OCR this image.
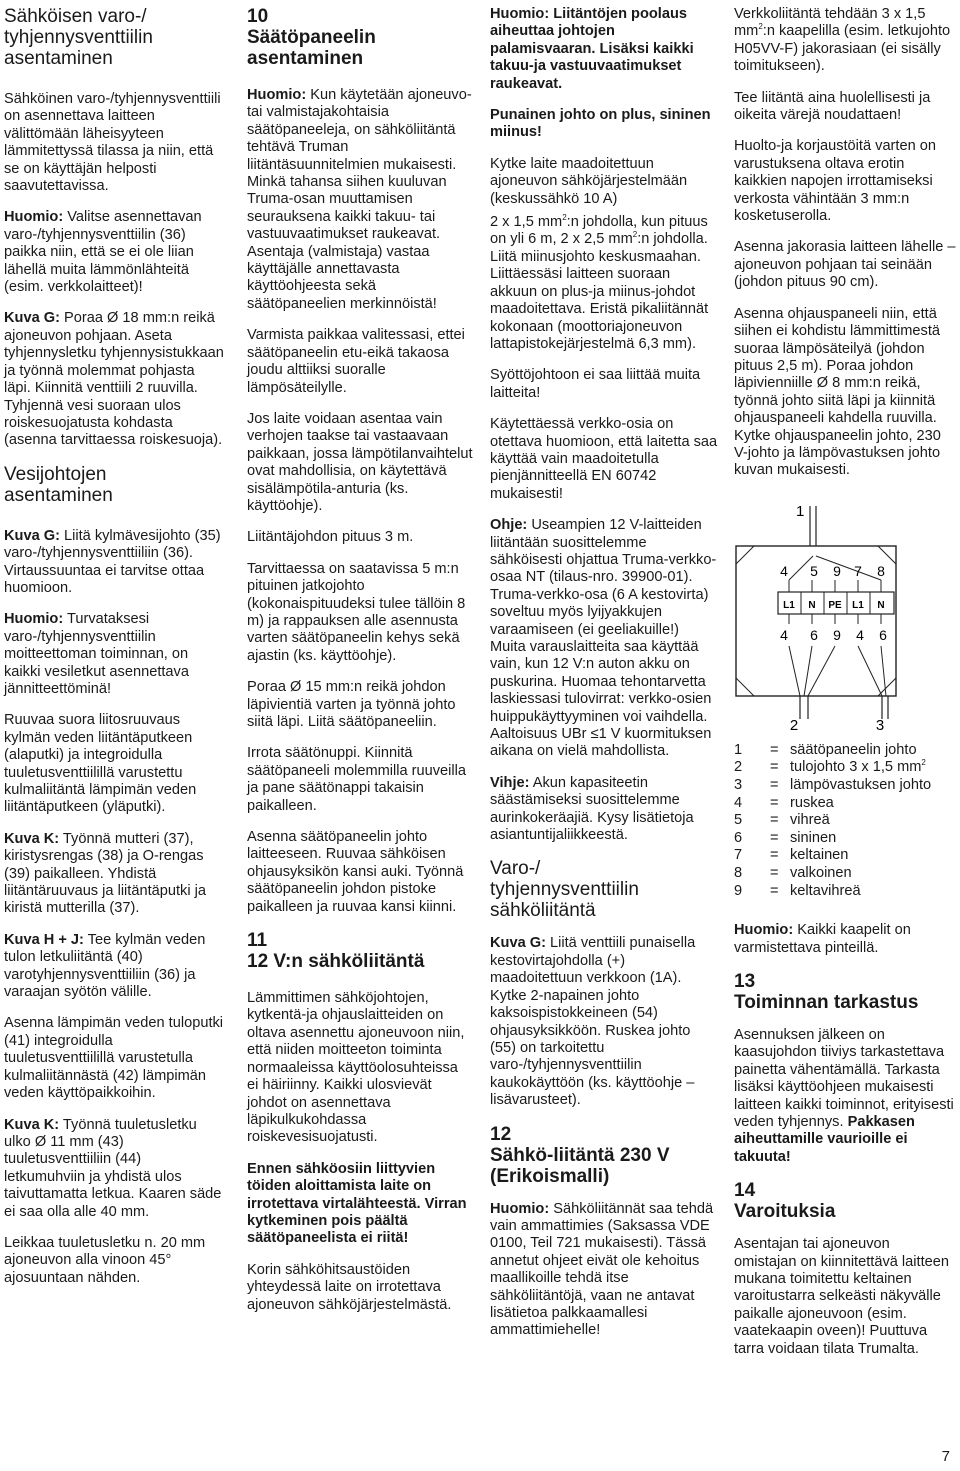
Sähköisen varo-/
tyhjennysventtiilin
asentaminen

Sähköinen varo-/tyhjennysventtiili on asennettava laitteen välittömään läheisyyteen lämmitettyssä tilassa ja niin, että se on käyttäjän helposti saavutettavissa.

Huomio: Valitse asennettavan varo-/tyhjennysventtiilin (36) paikka niin, että se ei ole liian lähellä muita lämmönlähteitä (esim. verkkolaitteet)!

Kuva G: Poraa Ø 18 mm:n reikä ajoneuvon pohjaan. Aseta tyhjennysletku tyhjennysistukkaan ja työnnä molemmat pohjasta läpi. Kiinnitä venttiili 2 ruuvilla. Tyhjennä vesi suoraan ulos roiskesuojatusta kohdasta (asenna tarvittaessa roiskesuoja).

Vesijohtojen
asentaminen

Kuva G: Liitä kylmävesijohto (35) varo-/tyhjennysventtiiliin (36). Virtaussuuntaa ei tarvitse ottaa huomioon.

Huomio: Turvataksesi varo-/tyhjennysventtiilin moitteettoman toiminnan, on kaikki vesiletkut asennettava jännitteettöminä!

Ruuvaa suora liitosruuvaus kylmän veden liitäntäputkeen (alaputki) ja integroidulla tuuletusventtiilillä varustettu kulmaliitäntä lämpimän veden liitäntäputkeen (yläputki).

Kuva K: Työnnä mutteri (37), kiristysrengas (38) ja O-rengas (39) paikalleen. Yhdistä liitäntäruuvaus ja liitäntäputki ja kiristä mutterilla (37).

Kuva H + J: Tee kylmän veden tulon letkuliitäntä (40) varotyhjennysventtiiliin (36) ja varaajan syötön välille.

Asenna lämpimän veden tuloputki (41) integroidulla tuuletusventtiilillä varustetulla kulmaliitännästä (42) lämpimän veden käyttöpaikkoihin.

Kuva K: Työnnä tuuletusletku ulko Ø 11 mm (43) tuuletusventtiiliin (44) letkumuhviin ja yhdistä ulos taivuttamatta letkua. Kaaren säde ei saa olla alle 40 mm.

Leikkaa tuuletusletku n. 20 mm ajoneuvon alla vinoon 45° ajosuuntaan nähden.

10
Säätöpaneelin
asentaminen

Huomio: Kun käytetään ajoneuvo- tai valmistajakohtaisia säätöpaneeleja, on sähköliitäntä tehtävä Truman liitäntäsuunnitelmien mukaisesti. Minkä tahansa siihen kuuluvan Truma-osan muuttamisen seurauksena kaikki takuu- tai vastuuvaatimukset raukeavat. Asentaja (valmistaja) vastaa käyttäjälle annettavasta käyttöohjeesta sekä säätöpaneelien merkinnöistä!

Varmista paikkaa valitessasi, ettei säätöpaneelin etu-eikä takaosa joudu alttiiksi suoralle lämpösäteilylle.

Jos laite voidaan asentaa vain verhojen taakse tai vastaavaan paikkaan, jossa lämpötilanvaihtelut ovat mahdollisia, on käytettävä sisälämpötila-anturia (ks. käyttöohje).

Liitäntäjohdon pituus 3 m.

Tarvittaessa on saatavissa 5 m:n pituinen jatkojohto (kokonaispituudeksi tulee tällöin 8 m) ja rappauksen alle asennusta varten säätöpaneelin kehys sekä ajastin (ks. käyttöohje).

Poraa Ø 15 mm:n reikä johdon läpivientiä varten ja työnnä johto siitä läpi. Liitä säätöpaneeliin.

Irrota säätönuppi. Kiinnitä säätöpaneeli molemmilla ruuveilla ja pane säätönappi takaisin paikalleen.

Asenna säätöpaneelin johto laitteeseen. Ruuvaa sähköisen ohjausyksikön kansi auki. Työnnä säätöpaneelin johdon pistoke paikalleen ja ruuvaa kansi kiinni.

11
12 V:n sähköliitäntä

Lämmittimen sähköjohtojen, kytkentä-ja ohjauslaitteiden on oltava asennettu ajoneuvoon niin, että niiden moitteeton toiminta normaaleissa käyttöolosuhteissa ei häiriinny. Kaikki ulosvievät johdot on asennettava läpikulkukohdassa roiskevesisuojatusti.

Ennen sähköosiin liittyvien töiden aloittamista laite on irrotettava virtalähteestä. Virran kytkeminen pois päältä säätöpaneelista ei riitä!

Korin sähköhitsaustöiden yhteydessä laite on irrotettava ajoneuvon sähköjärjestelmästä.

Huomio: Liitäntöjen poolaus aiheuttaa johtojen palamisvaaran. Lisäksi kaikki takuu-ja vastuuvaatimukset raukeavat.

Punainen johto on plus, sininen miinus!

Kytke laite maadoitettuun ajoneuvon sähköjärjestelmään (keskussähkö 10 A)

2 x 1,5 $mm^2:n$ johdolla, kun pituus on yli 6 m, 2 x 2,5 $mm^2:n$ johdolla. Liitä miinusjohto keskusmaahan. Liittäessäsi laitteen suoraan akkuun on plus-ja miinus-johdot maadoitettava. Eristä pikaliitännät kokonaan (moottoriajoneuvon lattapistokejärjestelmä 6,3 mm).

Syöttöjohtoon ei saa liittää muita laitteita!

Käytettäessä verkko-osia on otettava huomioon, että laitetta saa käyttää vain maadoitetulla pienjännitteellä EN 60742 mukaisesti!

Ohje: Useampien 12 V-laitteiden liitäntään suosittelemme sähköisesti ohjattua Truma-verkko-osaa NT (tilaus-nro. 39900-01). Truma-verkko-osa (6 A kestovirta) soveltuu myös lyijyakkujen varaamiseen (ei geeliakuille!) Muita varauslaitteita saa käyttää vain, kun 12 V:n auton akku on puskurina. Huomaa tehontarvetta laskiessasi tulovirrat: verkko-osien huippukäyttyyminen voi vaihdella. Aaltoisuus UBr ≤1 V kuormituksen aikana on vielä mahdollista.

Vihje: Akun kapasiteetin säästämiseksi suosittelemme aurinkokeräajiä. Kysy lisätietoja asiantuntijaliikkeestä.

Varo-/
tyhjennysventtiilin
sähköliitäntä

Kuva G: Liitä venttiili punaisella kestovirtajohdolla (+) maadoitettuun verkkoon (1A). Kytke 2-napainen johto kaksoispistokkeineen (54) ohjausyksikköön. Ruskea johto (55) on tarkoitettu varo-/tyhjennysventtiilin kaukokäyttöön (ks. käyttöohje – lisävarusteet).

12
Sähkö-liitäntä 230 V
(Erikoismalli)

Huomio: Sähköliitännät saa tehdä vain ammattimies (Saksassa VDE 0100, Teil 721 mukaisesti). Tässä annetut ohjeet eivät ole kehoitus maallikoille tehdä itse sähköliitäntöjä, vaan ne antavat lisätietoa palkkaamallesi ammattimiehelle!

Verkkoliitäntä tehdään 3 x 1,5 $mm^2:n$ kaapelilla (esim. letkujohto H05VV-F) jakorasiaan (ei sisälly toimitukseen).

Tee liitäntä aina huolellisesti ja oikeita värejä noudattaen!

Huolto-ja korjaustöitä varten on varustuksena oltava erotin kaikkien napojen irrottamiseksi verkosta vähintään 3 mm:n kosketuserolla.

Asenna jakorasia laitteen lähelle – ajoneuvon pohjaan tai seinään (johdon pituus 90 cm).

Asenna ohjauspaneeli niin, että siihen ei kohdistu lämmittimestä suoraa lämpösäteilyä (johdon pituus 2,5 m). Poraa johdon läpivienniille Ø 8 mm:n reikä, työnnä johto siitä läpi ja kiinnitä ohjauspaneeli kahdella ruuvilla. Kytke ohjauspaneelin johto, 230 V-johto ja lämpövastuksen johto kuvan mukaisesti.

1
4 5 9 7 8
L1 N PE L1 N
4 6 9 4 6
2	3
1	= säätöpaneelin johto
2	= tulojohto 3 x 1,5 $mm^2$
3	= lämpövastuksen johto
4	= ruskea
5	= vihreä
6	= sininen
7	= keltainen
8	= valkoinen
9	= keltavihreä

Huomio: Kaikki kaapelit on varmistettava pinteillä.

13
Toiminnan tarkastus

Asennuksen jälkeen on kaasujohdon tiiviys tarkastettava painetta vähentämällä. Tarkasta lisäksi käyttöohjeen mukaisesti laitteen kaikki toiminnot, erityisesti veden tyhjennys. Pakkasen aiheuttamille vaurioille ei takuuta!

14
Varoituksia

Asentajan tai ajoneuvon omistajan on kiinnitettävä laitteen mukana toimitettu keltainen varoitustarra selkeästi näkyvälle paikalle ajoneuvoon (esim. vaatekaapin oveen)! Puuttuva tarra voidaan tilata Trumalta.

7
